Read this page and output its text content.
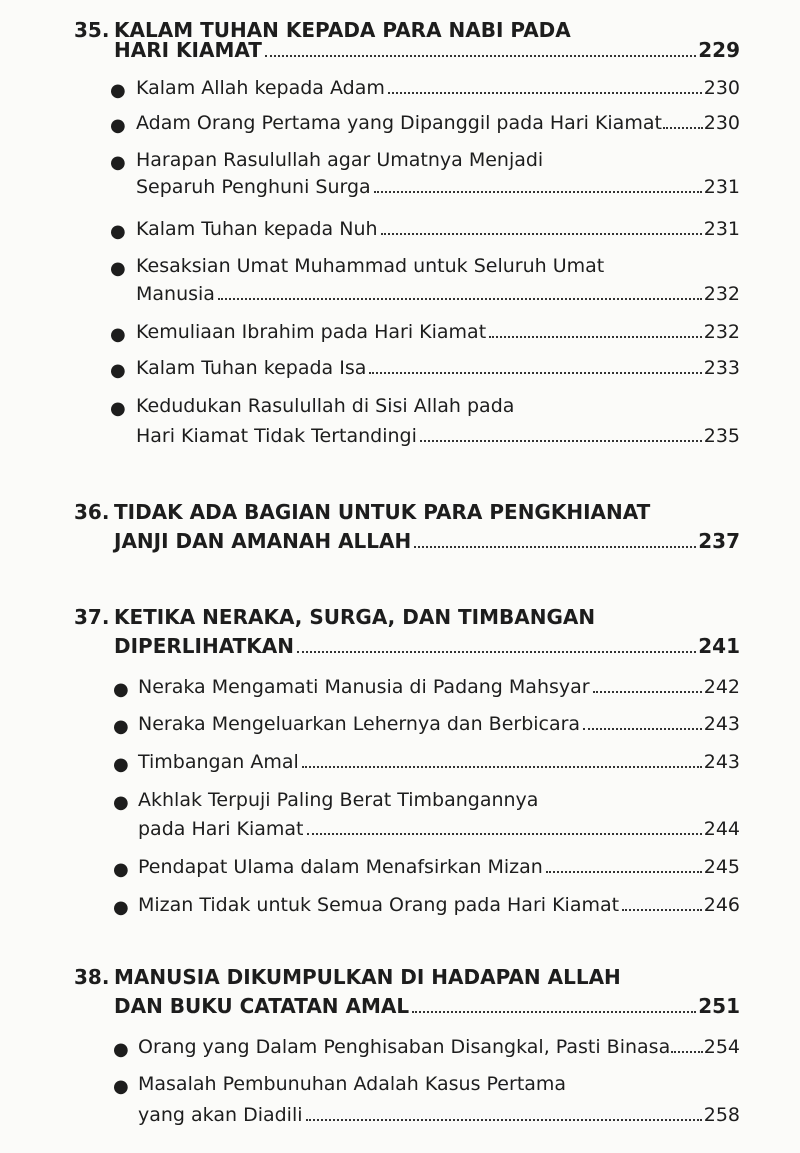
35. KALAM TUHAN KEPADA PARA NABI PADA
HARI KIAMAT	229
● Kalam Allah kepada Adam	230
● Adam Orang Pertama yang Dipanggil pada Hari Kiamat 230
● Harapan Rasulullah agar Umatnya Menjadi
Separuh Penghuni Surga	231
● Kalam Tuhan kepada Nuh	231
● Kesaksian Umat Muhammad untuk Seluruh Umat
Manusia	232
● Kemuliaan Ibrahim pada Hari Kiamat	232
● Kalam Tuhan kepada Isa	233
● Kedudukan Rasulullah di Sisi Allah pada
Hari Kiamat Tidak Tertandingi	235
36. TIDAK ADA BAGIAN UNTUK PARA PENGKHIANAT
JANJI DAN AMANAH ALLAH	237
37. KETIKA NERAKA, SURGA, DAN TIMBANGAN
DIPERLIHATKAN	241
● Neraka Mengamati Manusia di Padang Mahsyar	242
● Neraka Mengeluarkan Lehernya dan Berbicara	243
● Timbangan Amal	243
● Akhlak Terpuji Paling Berat Timbangannya
pada Hari Kiamat	244
● Pendapat Ulama dalam Menafsirkan Mizan	245
● Mizan Tidak untuk Semua Orang pada Hari Kiamat	246
38. MANUSIA DIKUMPULKAN DI HADAPAN ALLAH
DAN BUKU CATATAN AMAL	251
● Orang yang Dalam Penghisaban Disangkal, Pasti Binasa 254
● Masalah Pembunuhan Adalah Kasus Pertama
yang akan Diadili	258
